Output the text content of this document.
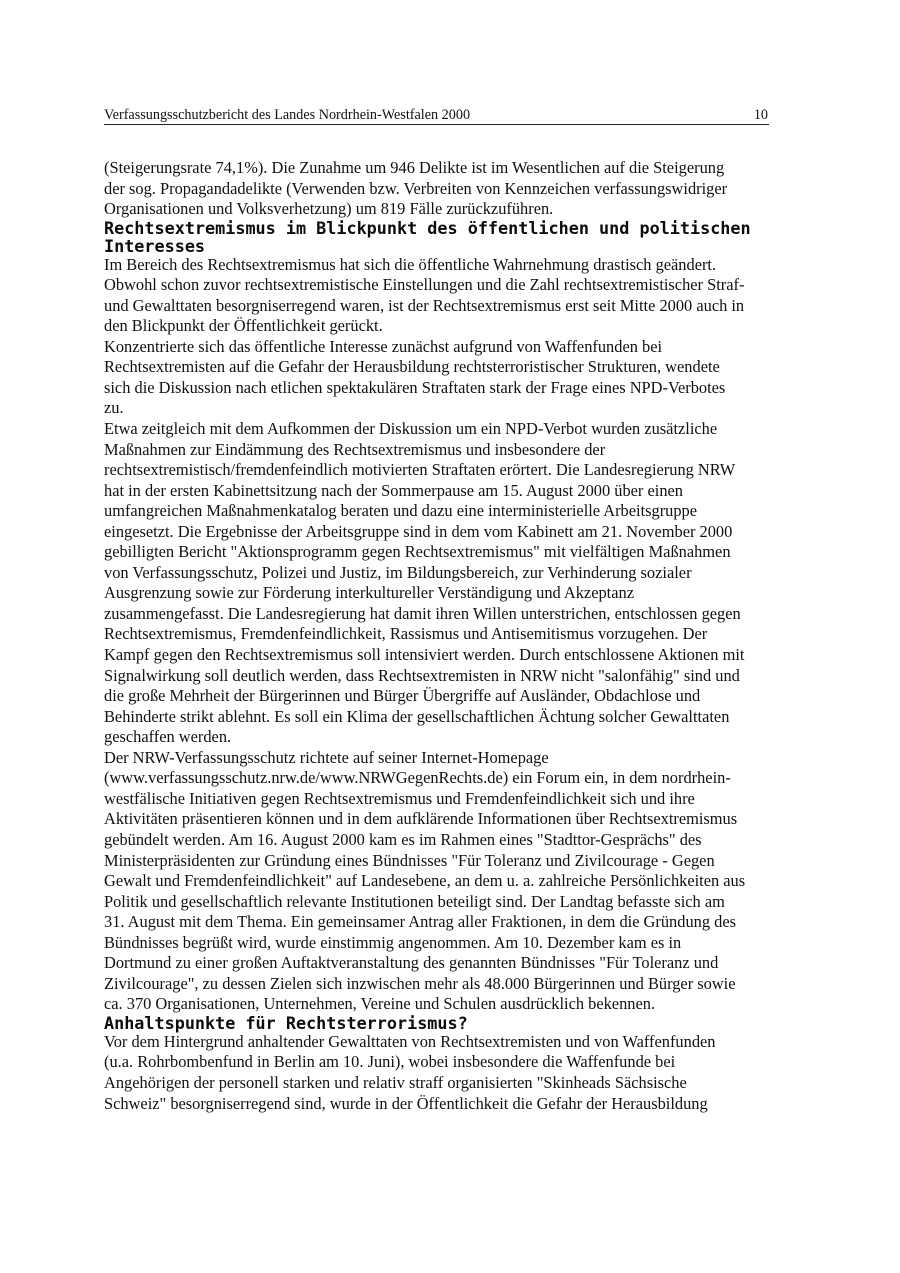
Verfassungsschutzbericht des Landes Nordrhein-Westfalen 2000	10
(Steigerungsrate 74,1%). Die Zunahme um 946 Delikte ist im Wesentlichen auf die Steigerung
der sog. Propagandadelikte (Verwenden bzw. Verbreiten von Kennzeichen verfassungswidriger
Organisationen und Volksverhetzung) um 819 Fälle zurückzuführen.
Rechtsextremismus im Blickpunkt des öffentlichen und politischen
Interesses
Im Bereich des Rechtsextremismus hat sich die öffentliche Wahrnehmung drastisch geändert.
Obwohl schon zuvor rechtsextremistische Einstellungen und die Zahl rechtsextremistischer Straf-
und Gewalttaten besorgniserregend waren, ist der Rechtsextremismus erst seit Mitte 2000 auch in
den Blickpunkt der Öffentlichkeit gerückt.
Konzentrierte sich das öffentliche Interesse zunächst aufgrund von Waffenfunden bei
Rechtsextremisten auf die Gefahr der Herausbildung rechtsterroristischer Strukturen, wendete
sich die Diskussion nach etlichen spektakulären Straftaten stark der Frage eines NPD-Verbotes
zu.
Etwa zeitgleich mit dem Aufkommen der Diskussion um ein NPD-Verbot wurden zusätzliche
Maßnahmen zur Eindämmung des Rechtsextremismus und insbesondere der
rechtsextremistisch/fremdenfeindlich motivierten Straftaten erörtert. Die Landesregierung NRW
hat in der ersten Kabinettsitzung nach der Sommerpause am 15. August 2000 über einen
umfangreichen Maßnahmenkatalog beraten und dazu eine interministerielle Arbeitsgruppe
eingesetzt. Die Ergebnisse der Arbeitsgruppe sind in dem vom Kabinett am 21. November 2000
gebilligten Bericht "Aktionsprogramm gegen Rechtsextremismus" mit vielfältigen Maßnahmen
von Verfassungsschutz, Polizei und Justiz, im Bildungsbereich, zur Verhinderung sozialer
Ausgrenzung sowie zur Förderung interkultureller Verständigung und Akzeptanz
zusammengefasst. Die Landesregierung hat damit ihren Willen unterstrichen, entschlossen gegen
Rechtsextremismus, Fremdenfeindlichkeit, Rassismus und Antisemitismus vorzugehen. Der
Kampf gegen den Rechtsextremismus soll intensiviert werden. Durch entschlossene Aktionen mit
Signalwirkung soll deutlich werden, dass Rechtsextremisten in NRW nicht "salonfähig" sind und
die große Mehrheit der Bürgerinnen und Bürger Übergriffe auf Ausländer, Obdachlose und
Behinderte strikt ablehnt. Es soll ein Klima der gesellschaftlichen Ächtung solcher Gewalttaten
geschaffen werden.
Der NRW-Verfassungsschutz richtete auf seiner Internet-Homepage
(www.verfassungsschutz.nrw.de/www.NRWGegenRechts.de) ein Forum ein, in dem nordrhein-
westfälische Initiativen gegen Rechtsextremismus und Fremdenfeindlichkeit sich und ihre
Aktivitäten präsentieren können und in dem aufklärende Informationen über Rechtsextremismus
gebündelt werden. Am 16. August 2000 kam es im Rahmen eines "Stadttor-Gesprächs" des
Ministerpräsidenten zur Gründung eines Bündnisses "Für Toleranz und Zivilcourage - Gegen
Gewalt und Fremdenfeindlichkeit" auf Landesebene, an dem u. a. zahlreiche Persönlichkeiten aus
Politik und gesellschaftlich relevante Institutionen beteiligt sind. Der Landtag befasste sich am
31. August mit dem Thema. Ein gemeinsamer Antrag aller Fraktionen, in dem die Gründung des
Bündnisses begrüßt wird, wurde einstimmig angenommen. Am 10. Dezember kam es in
Dortmund zu einer großen Auftaktveranstaltung des genannten Bündnisses "Für Toleranz und
Zivilcourage", zu dessen Zielen sich inzwischen mehr als 48.000 Bürgerinnen und Bürger sowie
ca. 370 Organisationen, Unternehmen, Vereine und Schulen ausdrücklich bekennen.
Anhaltspunkte für Rechtsterrorismus?
Vor dem Hintergrund anhaltender Gewalttaten von Rechtsextremisten und von Waffenfunden
(u.a. Rohrbombenfund in Berlin am 10. Juni), wobei insbesondere die Waffenfunde bei
Angehörigen der personell starken und relativ straff organisierten "Skinheads Sächsische
Schweiz" besorgniserregend sind, wurde in der Öffentlichkeit die Gefahr der Herausbildung
